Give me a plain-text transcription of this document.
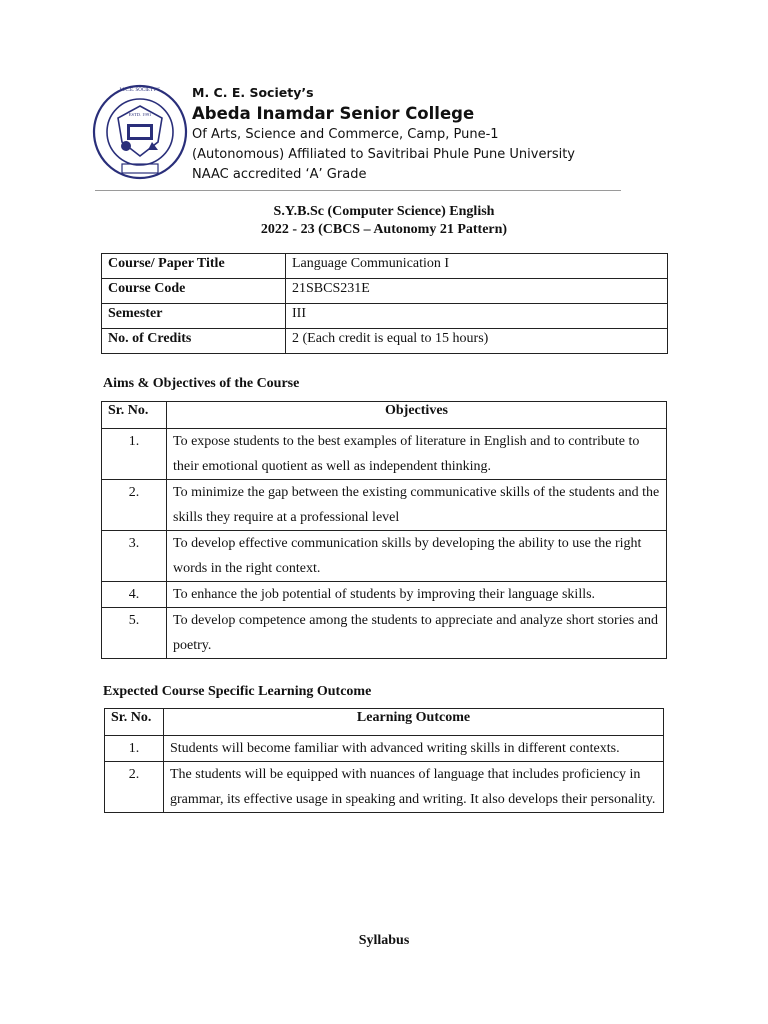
M.C.E. SOCIETY'S
ESTD. 1991
M. C. E. Society’s
Abeda Inamdar Senior College
Of Arts, Science and Commerce, Camp, Pune-1
(Autonomous) Affiliated to Savitribai Phule Pune University
NAAC accredited ‘A’ Grade
S.Y.B.Sc (Computer Science) English
2022 - 23 (CBCS – Autonomy 21 Pattern)
Course/ Paper Title	Language Communication I
Course Code	21SBCS231E
Semester	III
No. of Credits	2 (Each credit is equal to 15 hours)
Aims & Objectives of the Course
Sr. No.	Objectives
1.	To expose students to the best examples of literature in English and to contribute to their emotional quotient as well as independent thinking.
2.	To minimize the gap between the existing communicative skills of the students and the skills they require at a professional level
3.	To develop effective communication skills by developing the ability to use the right words in the right context.
4.	To enhance the job potential of students by improving their language skills.
5.	To develop competence among the students to appreciate and analyze short stories and poetry.
Expected Course Specific Learning Outcome
Sr. No.	Learning Outcome
1.	Students will become familiar with advanced writing skills in different contexts.
2.	The students will be equipped with nuances of language that includes proficiency in grammar, its effective usage in speaking and writing. It also develops their personality.
Syllabus
